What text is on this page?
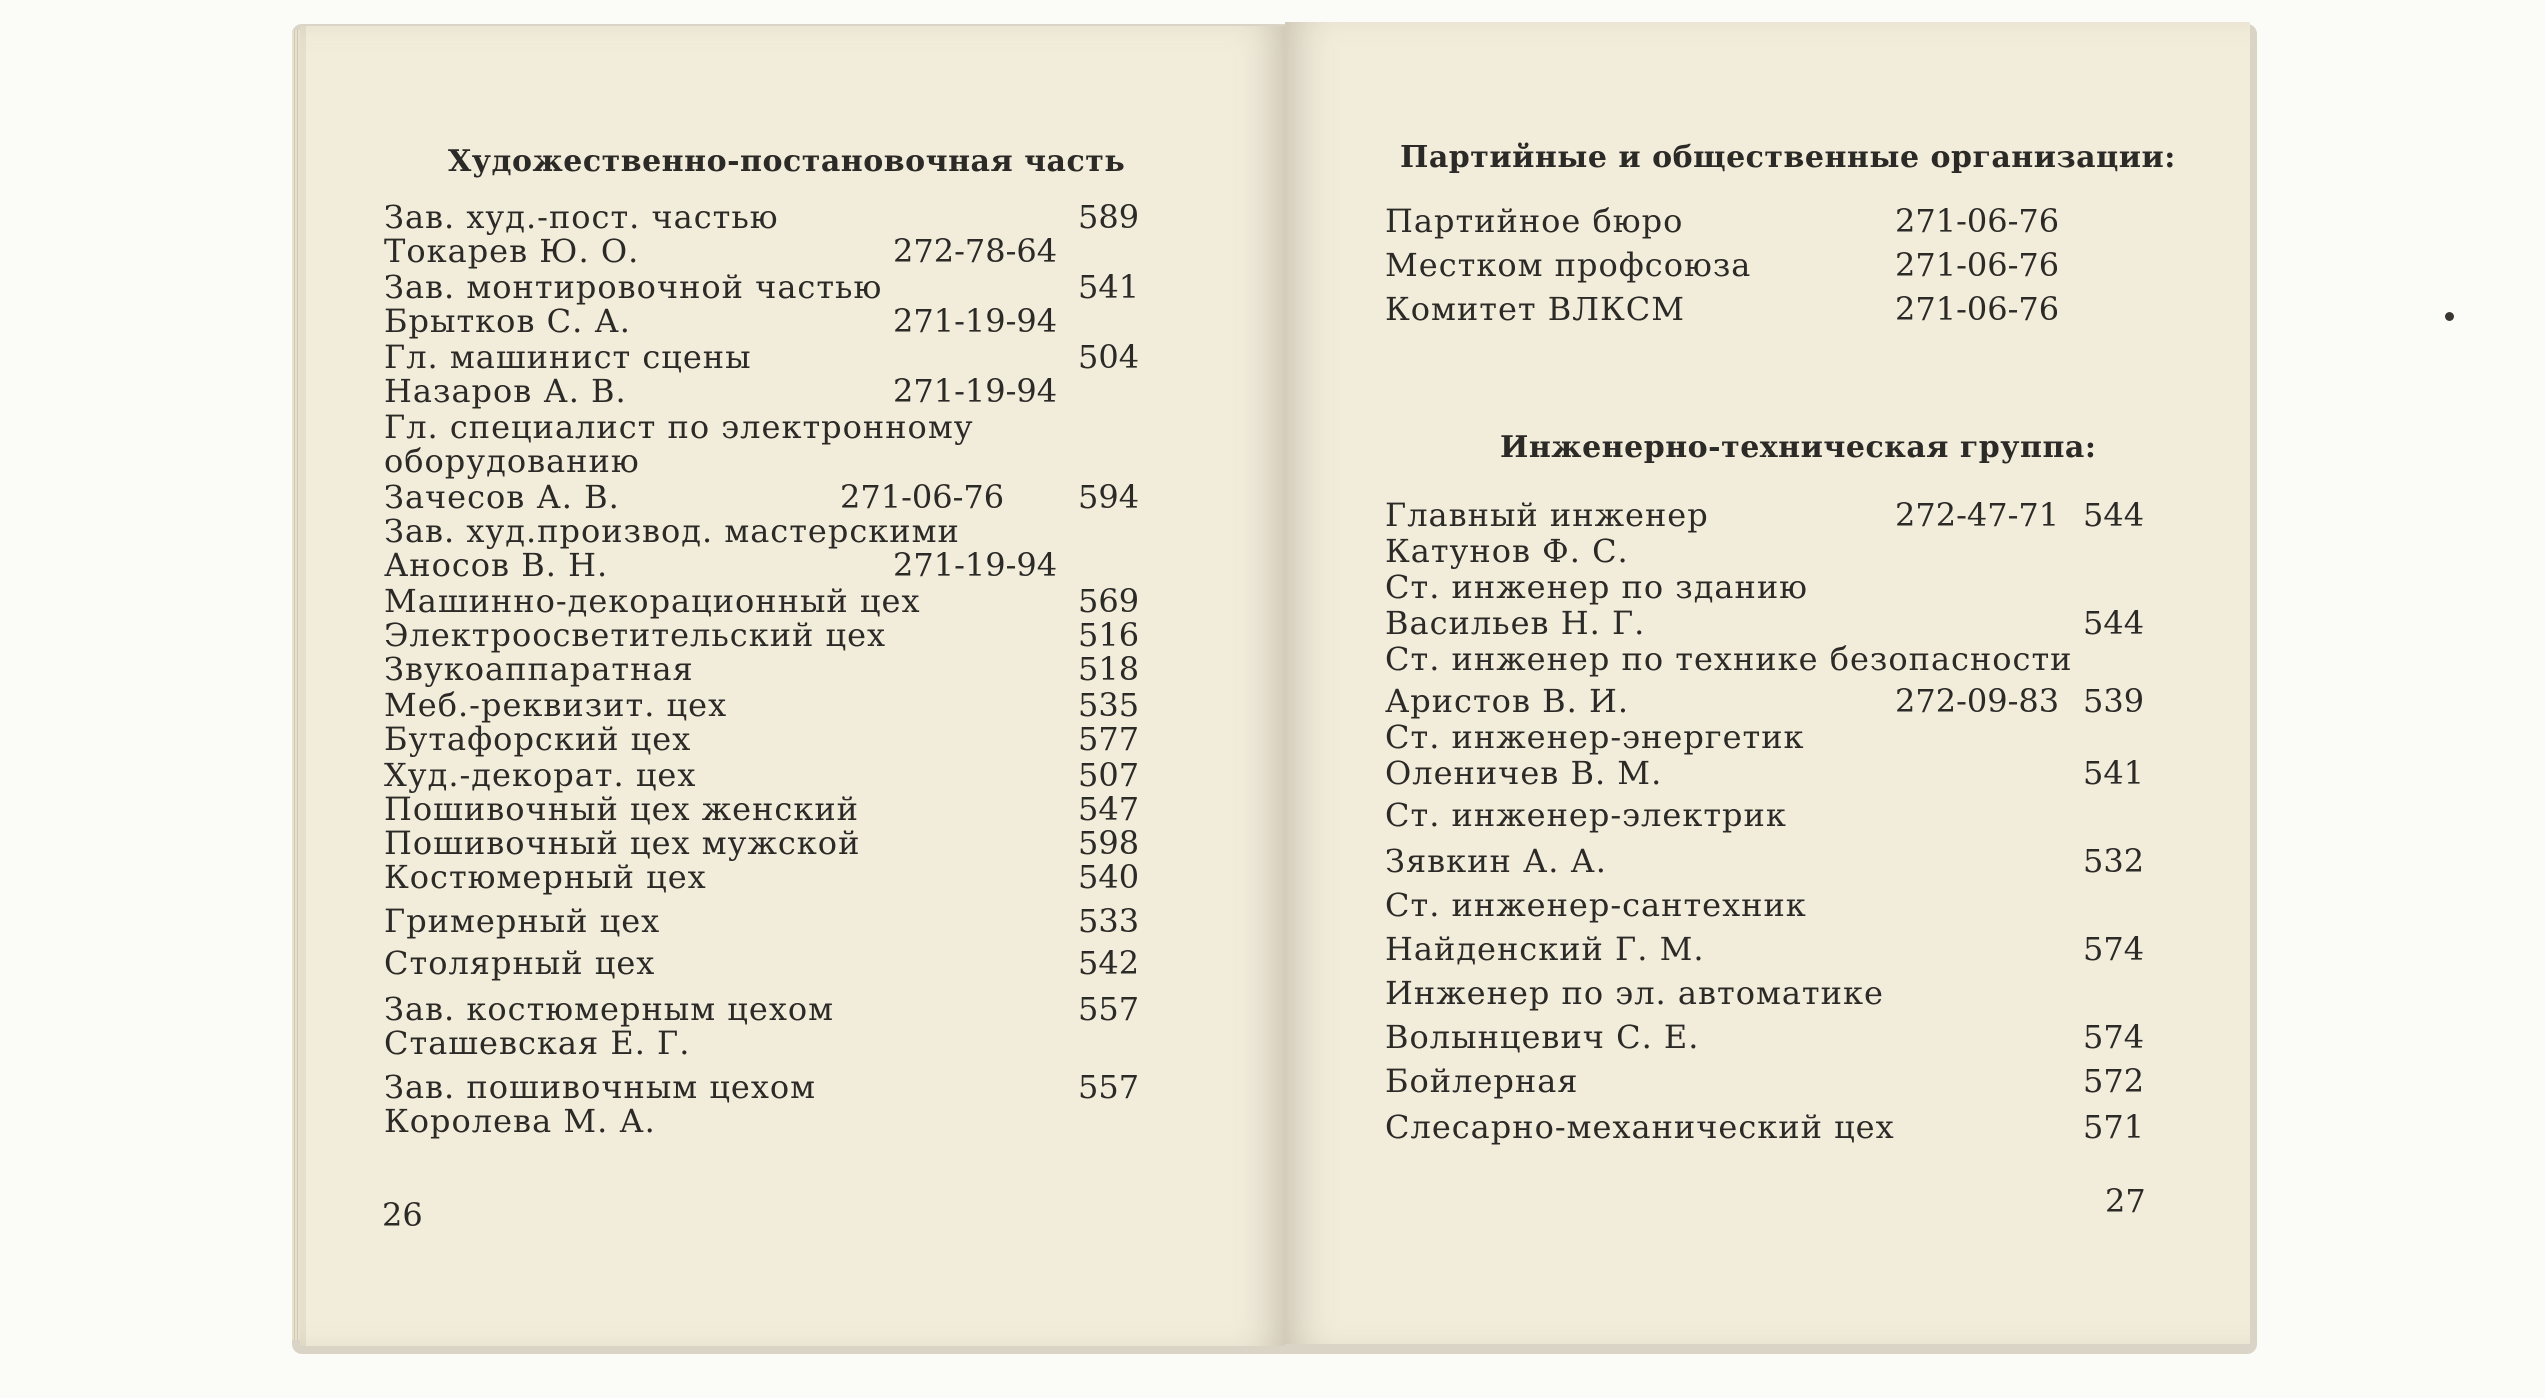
Художественно-постановочная часть
Зав. худ.-пост. частью	589
Токарев Ю. О.	272-78-64
Зав. монтировочной частью	541
Брытков С. А.	271-19-94
Гл. машинист сцены	504
Назаров А. В.	271-19-94
Гл. специалист по электронному
оборудованию
Зачесов А. В.	271-06-76 594
Зав. худ.производ. мастерскими
Аносов В. Н.	271-19-94
Машинно-декорационный цех	569
Электроосветительский цех	516
Звукоаппаратная	518
Меб.-реквизит. цех	535
Бутафорский цех	577
Худ.-декорат. цех	507
Пошивочный цех женский	547
Пошивочный цех мужской	598
Костюмерный цех	540
Гримерный цех	533
Столярный цех	542
Зав. костюмерным цехом	557
Сташевская Е. Г.
Зав. пошивочным цехом	557
Королева М. А.
26
Партийные и общественные организации:
Партийное бюро	271-06-76
Местком профсоюза	271-06-76
Комитет ВЛКСМ	271-06-76
Инженерно-техническая группа:
Главный инженер	272-47-71 544
Катунов Ф. С.
Ст. инженер по зданию
Васильев Н. Г.	544
Ст. инженер по технике безопасности
Аристов В. И.	272-09-83 539
Ст. инженер-энергетик
Оленичев В. М.	541
Ст. инженер-электрик
Зявкин А. А.	532
Ст. инженер-сантехник
Найденский Г. М.	574
Инженер по эл. автоматике
Волынцевич С. Е.	574
Бойлерная	572
Слесарно-механический цех	571
27
